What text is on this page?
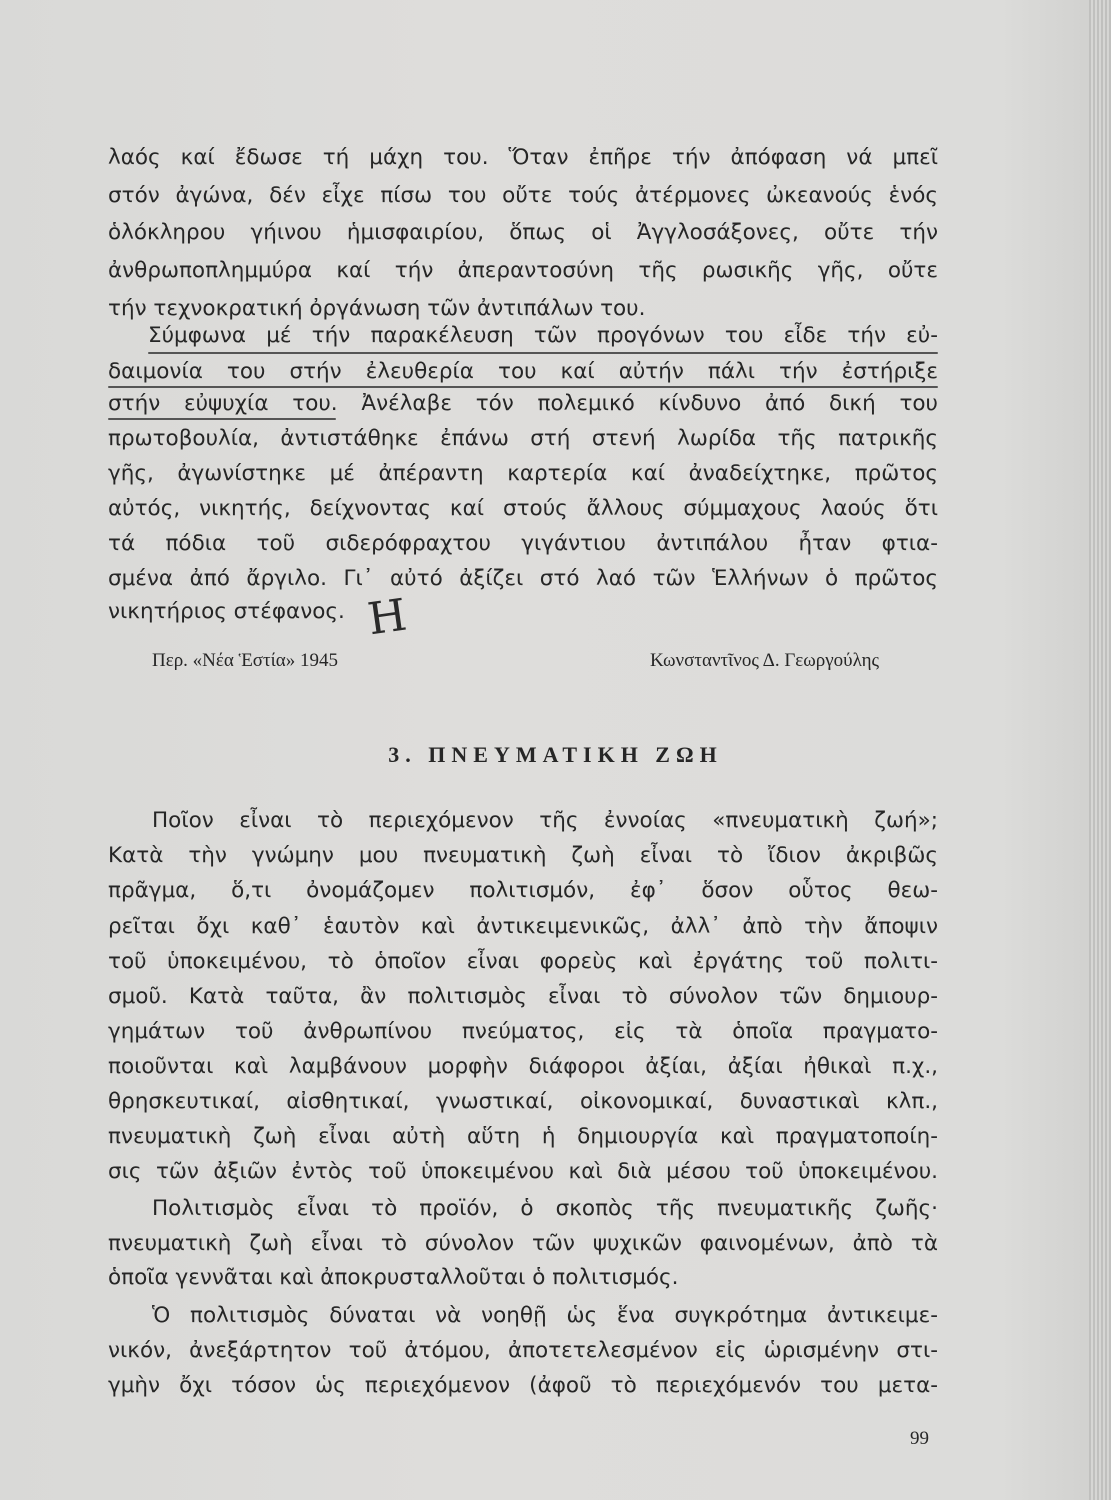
λαός καί ἔδωσε τή μάχη του. Ὅταν ἐπῆρε τήν ἀπόφαση νά μπεῖ
στόν ἀγώνα, δέν εἶχε πίσω του οὔτε τούς ἀτέρμονες ὠκεανούς ἑνός
ὁλόκληρου γήινου ἡμισφαιρίου, ὅπως οἱ Ἀγγλοσάξονες, οὔτε τήν
ἀνθρωποπλημμύρα καί τήν ἀπεραντοσύνη τῆς ρωσικῆς γῆς, οὔτε
τήν τεχνοκρατική ὀργάνωση τῶν ἀντιπάλων του.
Σύμφωνα μέ τήν παρακέλευση τῶν προγόνων του εἶδε τήν εὐ-
δαιμονία του στήν ἐλευθερία του καί αὐτήν πάλι τήν ἐστήριξε
στήν εὐψυχία του. Ἀνέλαβε τόν πολεμικό κίνδυνο ἀπό δική του
πρωτοβουλία, ἀντιστάθηκε ἐπάνω στή στενή λωρίδα τῆς πατρικῆς
γῆς, ἀγωνίστηκε μέ ἀπέραντη καρτερία καί ἀναδείχτηκε, πρῶτος
αὐτός, νικητής, δείχνοντας καί στούς ἄλλους σύμμαχους λαούς ὅτι
τά πόδια τοῦ σιδερόφραχτου γιγάντιου ἀντιπάλου ἦταν φτια-
σμένα ἀπό ἄργιλο. Γι᾿ αὐτό ἀξίζει στό λαό τῶν Ἑλλήνων ὁ πρῶτος
νικητήριος στέφανος. H
Περ. «Νέα Ἑστία» 1945	Κωνσταντῖνος Δ. Γεωργούλης
3. ΠΝΕΥΜΑΤΙΚΗ ΖΩΗ
Ποῖον εἶναι τὸ περιεχόμενον τῆς ἐννοίας «πνευματικὴ ζωή»;
Κατὰ τὴν γνώμην μου πνευματικὴ ζωὴ εἶναι τὸ ἴδιον ἀκριβῶς
πρᾶγμα, ὅ,τι ὀνομάζομεν πολιτισμόν, ἐφ᾿ ὅσον οὗτος θεω-
ρεῖται ὄχι καθ᾿ ἑαυτὸν καὶ ἀντικειμενικῶς, ἀλλ᾿ ἀπὸ τὴν ἄποψιν
τοῦ ὑποκειμένου, τὸ ὁποῖον εἶναι φορεὺς καὶ ἐργάτης τοῦ πολιτι-
σμοῦ. Κατὰ ταῦτα, ἂν πολιτισμὸς εἶναι τὸ σύνολον τῶν δημιουρ-
γημάτων τοῦ ἀνθρωπίνου πνεύματος, εἰς τὰ ὁποῖα πραγματο-
ποιοῦνται καὶ λαμβάνουν μορφὴν διάφοροι ἀξίαι, ἀξίαι ἠθικαὶ π.χ.,
θρησκευτικαί, αἰσθητικαί, γνωστικαί, οἰκονομικαί, δυναστικαὶ κλπ.,
πνευματικὴ ζωὴ εἶναι αὐτὴ αὕτη ἡ δημιουργία καὶ πραγματοποίη-
σις τῶν ἀξιῶν ἐντὸς τοῦ ὑποκειμένου καὶ διὰ μέσου τοῦ ὑποκειμένου.
Πολιτισμὸς εἶναι τὸ προϊόν, ὁ σκοπὸς τῆς πνευματικῆς ζωῆς·
πνευματικὴ ζωὴ εἶναι τὸ σύνολον τῶν ψυχικῶν φαινομένων, ἀπὸ τὰ
ὁποῖα γεννᾶται καὶ ἀποκρυσταλλοῦται ὁ πολιτισμός.
Ὁ πολιτισμὸς δύναται νὰ νοηθῇ ὡς ἕνα συγκρότημα ἀντικειμε-
νικόν, ἀνεξάρτητον τοῦ ἀτόμου, ἀποτετελεσμένον εἰς ὡρισμένην στι-
γμὴν ὄχι τόσον ὡς περιεχόμενον (ἀφοῦ τὸ περιεχόμενόν του μετα-
99
